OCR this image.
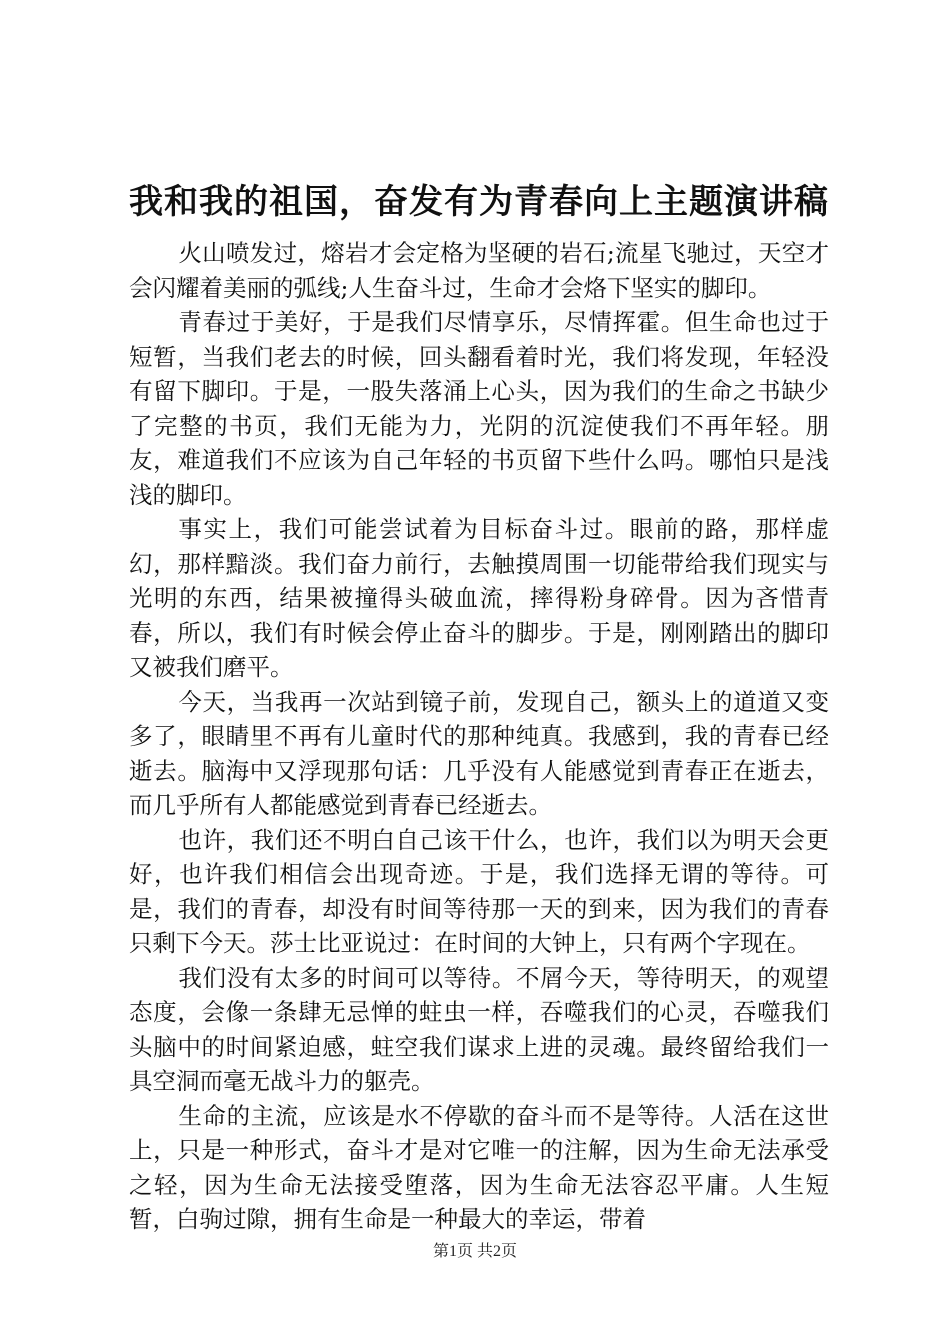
我和我的祖国，奋发有为青春向上主题演讲稿

火山喷发过，熔岩才会定格为坚硬的岩石;流星飞驰过，天空才会闪耀着美丽的弧线;人生奋斗过，生命才会烙下坚实的脚印。

青春过于美好，于是我们尽情享乐，尽情挥霍。但生命也过于短暂，当我们老去的时候，回头翻看着时光，我们将发现，年轻没有留下脚印。于是，一股失落涌上心头，因为我们的生命之书缺少了完整的书页，我们无能为力，光阴的沉淀使我们不再年轻。朋友，难道我们不应该为自己年轻的书页留下些什么吗。哪怕只是浅浅的脚印。

事实上，我们可能尝试着为目标奋斗过。眼前的路，那样虚幻，那样黯淡。我们奋力前行，去触摸周围一切能带给我们现实与光明的东西，结果被撞得头破血流，摔得粉身碎骨。因为吝惜青春，所以，我们有时候会停止奋斗的脚步。于是，刚刚踏出的脚印又被我们磨平。

今天，当我再一次站到镜子前，发现自己，额头上的道道又变多了，眼睛里不再有儿童时代的那种纯真。我感到，我的青春已经逝去。脑海中又浮现那句话：几乎没有人能感觉到青春正在逝去，而几乎所有人都能感觉到青春已经逝去。

也许，我们还不明白自己该干什么，也许，我们以为明天会更好，也许我们相信会出现奇迹。于是，我们选择无谓的等待。可是，我们的青春，却没有时间等待那一天的到来，因为我们的青春只剩下今天。莎士比亚说过：在时间的大钟上，只有两个字现在。

我们没有太多的时间可以等待。不屑今天，等待明天，的观望态度，会像一条肆无忌惮的蛀虫一样，吞噬我们的心灵，吞噬我们头脑中的时间紧迫感，蛀空我们谋求上进的灵魂。最终留给我们一具空洞而毫无战斗力的躯壳。

生命的主流，应该是水不停歇的奋斗而不是等待。人活在这世上，只是一种形式，奋斗才是对它唯一的注解，因为生命无法承受之轻，因为生命无法接受堕落，因为生命无法容忍平庸。人生短暂，白驹过隙，拥有生命是一种最大的幸运，带着

第1页 共2页
